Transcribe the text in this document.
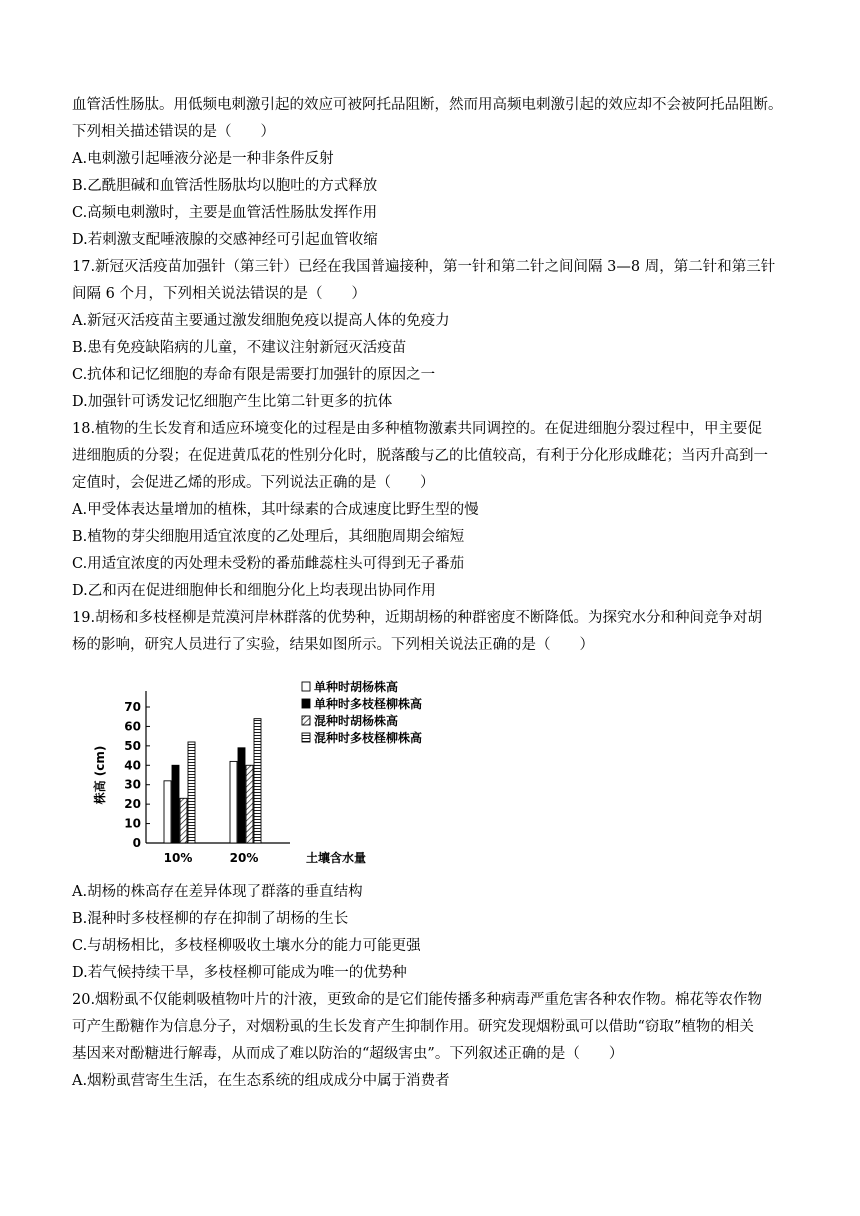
血管活性肠肽。用低频电刺激引起的效应可被阿托品阻断，然而用高频电刺激引起的效应却不会被阿托品阻断。
下列相关描述错误的是（　　）
A.电刺激引起唾液分泌是一种非条件反射
B.乙酰胆碱和血管活性肠肽均以胞吐的方式释放
C.高频电刺激时，主要是血管活性肠肽发挥作用
D.若刺激支配唾液腺的交感神经可引起血管收缩
17.新冠灭活疫苗加强针（第三针）已经在我国普遍接种，第一针和第二针之间间隔 3—8 周，第二针和第三针
间隔 6 个月，下列相关说法错误的是（　　）
A.新冠灭活疫苗主要通过激发细胞免疫以提高人体的免疫力
B.患有免疫缺陷病的儿童，不建议注射新冠灭活疫苗
C.抗体和记忆细胞的寿命有限是需要打加强针的原因之一
D.加强针可诱发记忆细胞产生比第二针更多的抗体
18.植物的生长发育和适应环境变化的过程是由多种植物激素共同调控的。在促进细胞分裂过程中，甲主要促
进细胞质的分裂；在促进黄瓜花的性别分化时，脱落酸与乙的比值较高，有利于分化形成雌花；当丙升高到一
定值时，会促进乙烯的形成。下列说法正确的是（　　）
A.甲受体表达量增加的植株，其叶绿素的合成速度比野生型的慢
B.植物的芽尖细胞用适宜浓度的乙处理后，其细胞周期会缩短
C.用适宜浓度的丙处理未受粉的番茄雌蕊柱头可得到无子番茄
D.乙和丙在促进细胞伸长和细胞分化上均表现出协同作用
19.胡杨和多枝柽柳是荒漠河岸林群落的优势种，近期胡杨的种群密度不断降低。为探究水分和种间竞争对胡
杨的影响，研究人员进行了实验，结果如图所示。下列相关说法正确的是（　　）
0
10
20
30
40
50
60
70
株高 (cm)
10%	20%	土壤含水量
单种时胡杨株高
单种时多枝柽柳株高
混种时胡杨株高
混种时多枝柽柳株高
A.胡杨的株高存在差异体现了群落的垂直结构
B.混种时多枝柽柳的存在抑制了胡杨的生长
C.与胡杨相比，多枝柽柳吸收土壤水分的能力可能更强
D.若气候持续干旱，多枝柽柳可能成为唯一的优势种
20.烟粉虱不仅能刺吸植物叶片的汁液，更致命的是它们能传播多种病毒严重危害各种农作物。棉花等农作物
可产生酚糖作为信息分子，对烟粉虱的生长发育产生抑制作用。研究发现烟粉虱可以借助“窃取”植物的相关
基因来对酚糖进行解毒，从而成了难以防治的“超级害虫”。下列叙述正确的是（　　）
A.烟粉虱营寄生生活，在生态系统的组成成分中属于消费者
